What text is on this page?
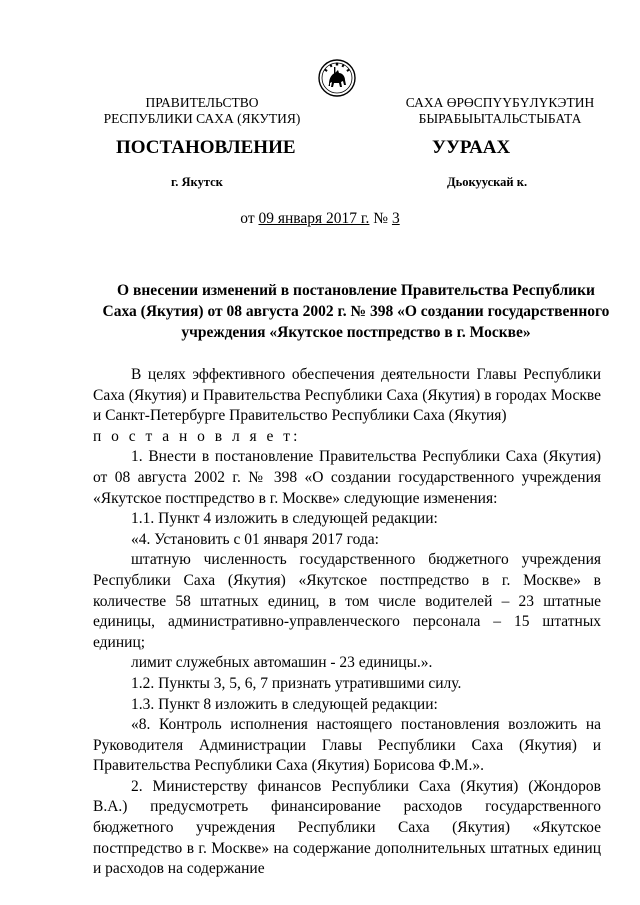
ПРАВИТЕЛЬСТВО
РЕСПУБЛИКИ САХА (ЯКУТИЯ)
САХА ӨРӨСПҮҮБҮЛҮКЭТИН
БЫРАБЫЫТАЛЬСТЫБАТА
ПОСТАНОВЛЕНИЕ	УУРААХ
г. Якутск	Дьокуускай к.
от 09 января 2017 г. № 3
О внесении изменений в постановление Правительства Республики
Саха (Якутия) от 08 августа 2002 г. № 398 «О создании государственного
учреждения «Якутское постпредство в г. Москве»

В целях эффективного обеспечения деятельности Главы Республики Саха (Якутия) и Правительства Республики Саха (Якутия) в городах Москве и Санкт-Петербурге Правительство Республики Саха (Якутия)

п о с т а н о в л я е т:

1. Внести в постановление Правительства Республики Саха (Якутия) от 08 августа 2002 г. № 398 «О создании государственного учреждения «Якутское постпредство в г. Москве» следующие изменения:

1.1. Пункт 4 изложить в следующей редакции:

«4. Установить с 01 января 2017 года:

штатную численность государственного бюджетного учреждения Республики Саха (Якутия) «Якутское постпредство в г. Москве» в количестве 58 штатных единиц, в том числе водителей – 23 штатные единицы, административно-управленческого персонала – 15 штатных единиц;

лимит служебных автомашин - 23 единицы.».

1.2. Пункты 3, 5, 6, 7 признать утратившими силу.

1.3. Пункт 8 изложить в следующей редакции:

«8. Контроль исполнения настоящего постановления возложить на Руководителя Администрации Главы Республики Саха (Якутия) и Правительства Республики Саха (Якутия) Борисова Ф.М.».

2. Министерству финансов Республики Саха (Якутия) (Жондоров В.А.) предусмотреть финансирование расходов государственного бюджетного учреждения Республики Саха (Якутия) «Якутское постпредство в г. Москве» на содержание дополнительных штатных единиц и расходов на содержание
